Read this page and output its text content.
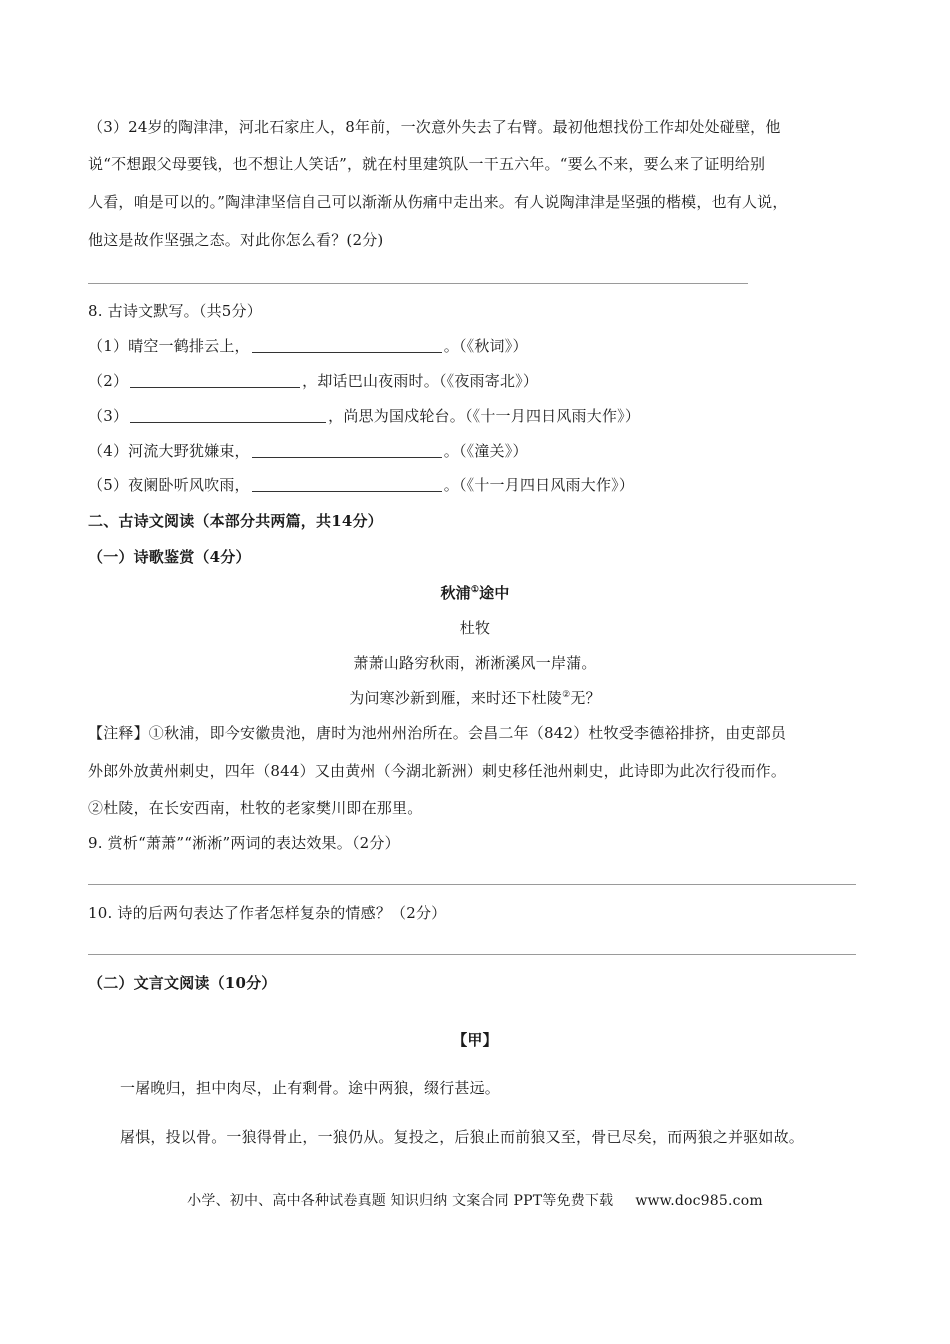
（3）24岁的陶津津，河北石家庄人，8年前，一次意外失去了右臂。最初他想找份工作却处处碰壁，他
说“不想跟父母要钱，也不想让人笑话”，就在村里建筑队一干五六年。“要么不来，要么来了证明给别
人看，咱是可以的。”陶津津坚信自己可以渐渐从伤痛中走出来。有人说陶津津是坚强的楷模，也有人说，
他这是故作坚强之态。对此你怎么看？(2分)
8. 古诗文默写。（共5分）
（1）晴空一鹤排云上，	。（《秋词》）
（2）	，却话巴山夜雨时。（《夜雨寄北》）
（3）	，尚思为国戍轮台。（《十一月四日风雨大作》）
（4）河流大野犹嫌束，	。（《潼关》）
（5）夜阑卧听风吹雨，	。（《十一月四日风雨大作》）
二、古诗文阅读（本部分共两篇，共14分）
（一）诗歌鉴赏（4分）
秋浦①途中
杜牧
萧萧山路穷秋雨，淅淅溪风一岸蒲。
为问寒沙新到雁，来时还下杜陵②无？
【注释】①秋浦，即今安徽贵池，唐时为池州州治所在。会昌二年（842）杜牧受李德裕排挤，由吏部员
外郎外放黄州刺史，四年（844）又由黄州（今湖北新洲）刺史移任池州刺史，此诗即为此次行役而作。
②杜陵，在长安西南，杜牧的老家樊川即在那里。
9. 赏析“萧萧”“淅淅”两词的表达效果。（2分）
10. 诗的后两句表达了作者怎样复杂的情感？（2分）
（二）文言文阅读（10分）
【甲】
一屠晚归，担中肉尽，止有剩骨。途中两狼，缀行甚远。
屠惧，投以骨。一狼得骨止，一狼仍从。复投之，后狼止而前狼又至，骨已尽矣，而两狼之并驱如故。
小学、初中、高中各种试卷真题 知识归纳 文案合同 PPT等免费下载 www.doc985.com
